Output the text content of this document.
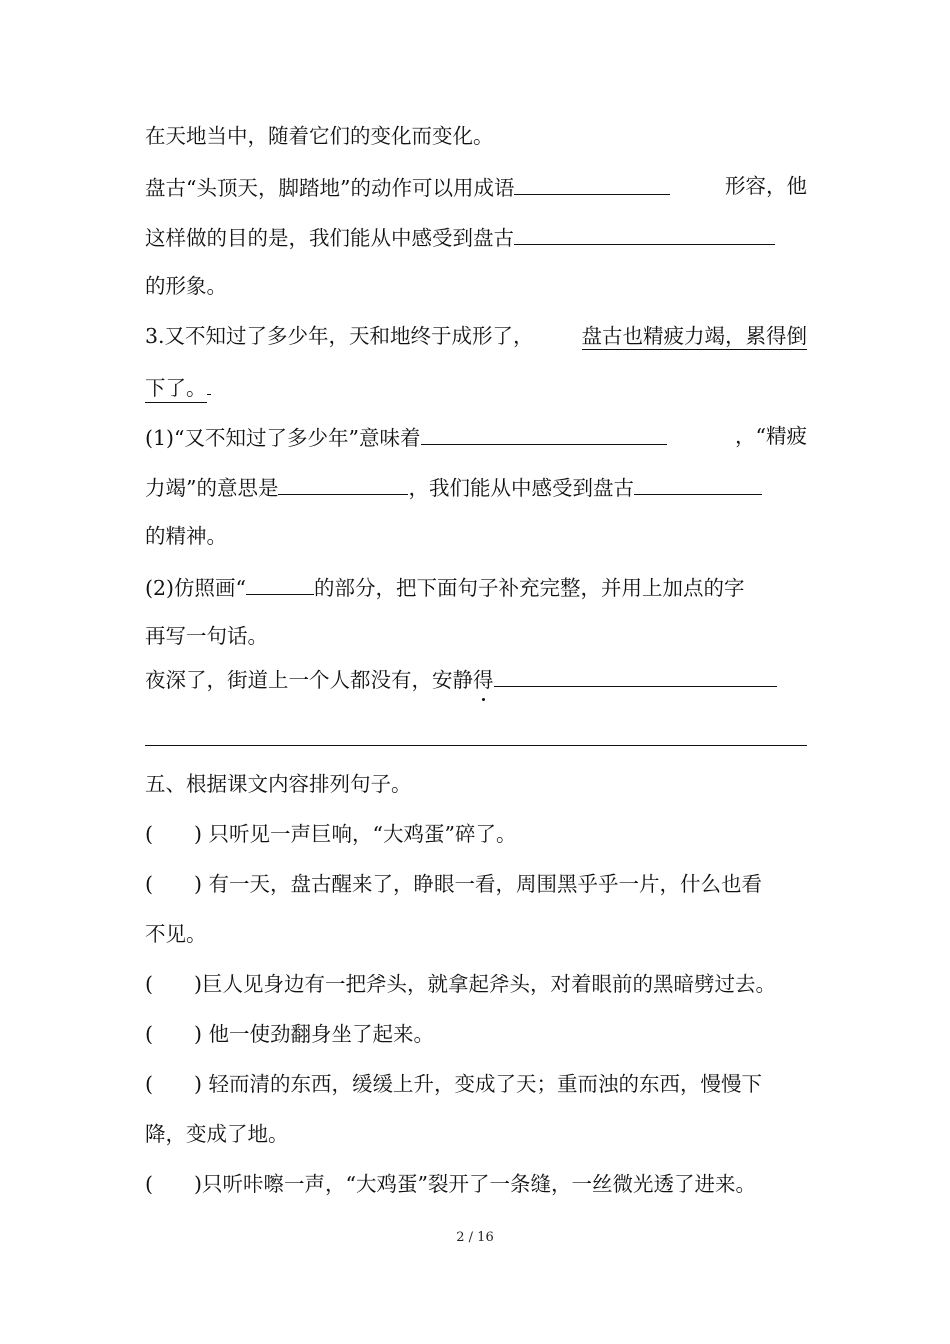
在天地当中，随着它们的变化而变化。
盘古“头顶天，脚踏地”的动作可以用成语	形容，他
这样做的目的是，我们能从中感受到盘古
的形象。
3.又不知过了多少年，天和地终于成形了， 盘古也精疲力竭，累得倒
下了。
(1)“又不知过了多少年”意味着	，“精疲
力竭”的意思是	，我们能从中感受到盘古
的精神。
(2)仿照画“	的部分，把下面句子补充完整，并用上加点的字
再写一句话。
夜深了，街道上一个人都没有，安静得
五、根据课文内容排列句子。
(　　) 只听见一声巨响，“大鸡蛋”碎了。
(　　) 有一天，盘古醒来了，睁眼一看，周围黑乎乎一片，什么也看
不见。
(　　)巨人见身边有一把斧头，就拿起斧头，对着眼前的黑暗劈过去。
(　　) 他一使劲翻身坐了起来。
(　　) 轻而清的东西，缓缓上升，变成了天；重而浊的东西，慢慢下
降，变成了地。
(　　)只听咔嚓一声，“大鸡蛋”裂开了一条缝，一丝微光透了进来。
2 / 16
